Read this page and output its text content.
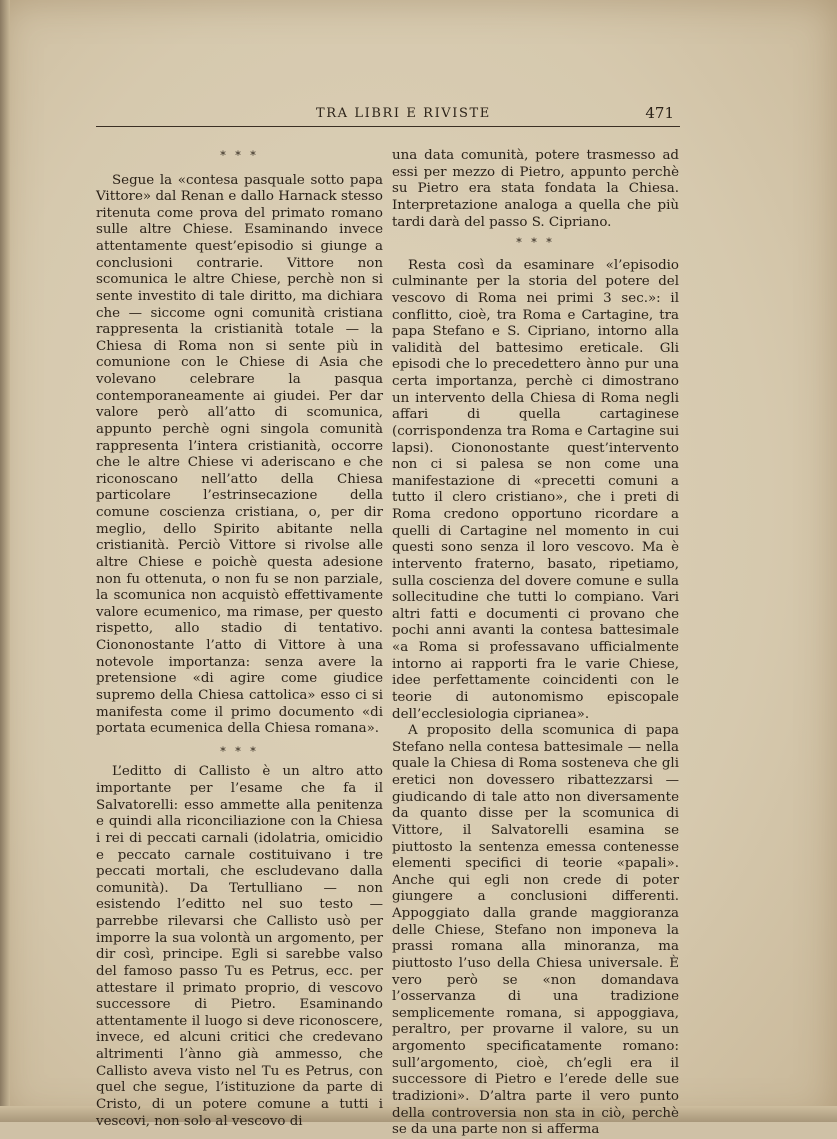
TRA LIBRI E RIVISTE	471
* * *

Segue la «contesa pasquale sotto papa Vittore» dal Renan e dallo Harnack stesso ritenuta come prova del primato romano sulle altre Chiese. Esaminando invece attentamente quest’episodio si giunge a conclusioni contrarie. Vittore non scomunica le altre Chiese, perchè non si sente investito di tale diritto, ma dichiara che — siccome ogni comunità cristiana rappresenta la cristianità totale — la Chiesa di Roma non si sente più in comunione con le Chiese di Asia che volevano celebrare la pasqua contemporaneamente ai giudei. Per dar valore però all’atto di scomunica, appunto perchè ogni singola comunità rappresenta l’intera cristianità, occorre che le altre Chiese vi aderiscano e che riconoscano nell’atto della Chiesa particolare l’estrinsecazione della comune coscienza cristiana, o, per dir meglio, dello Spirito abitante nella cristianità. Perciò Vittore si rivolse alle altre Chiese e poichè questa adesione non fu ottenuta, o non fu se non parziale, la scomunica non acquistò effettivamente valore ecumenico, ma rimase, per questo rispetto, allo stadio di tentativo. Ciononostante l’atto di Vittore à una notevole importanza: senza avere la pretensione «di agire come giudice supremo della Chiesa cattolica» esso ci si manifesta come il primo documento «di portata ecumenica della Chiesa romana».

* * *

L’editto di Callisto è un altro atto importante per l’esame che fa il Salvatorelli: esso ammette alla penitenza e quindi alla riconciliazione con la Chiesa i rei di peccati carnali (idolatria, omicidio e peccato carnale costituivano i tre peccati mortali, che escludevano dalla comunità). Da Tertulliano — non esistendo l’editto nel suo testo — parrebbe rilevarsi che Callisto usò per imporre la sua volontà un argomento, per dir così, principe. Egli si sarebbe valso del famoso passo Tu es Petrus, ecc. per attestare il primato proprio, di vescovo successore di Pietro. Esaminando attentamente il luogo si deve riconoscere, invece, ed alcuni critici che credevano altrimenti l’ànno già ammesso, che Callisto aveva visto nel Tu es Petrus, con quel che segue, l’istituzione da parte di Cristo, di un potere comune a tutti i vescovi, non solo al vescovo di

una data comunità, potere trasmesso ad essi per mezzo di Pietro, appunto perchè su Pietro era stata fondata la Chiesa. Interpretazione analoga a quella che più tardi darà del passo S. Cipriano.

* * *

Resta così da esaminare «l’episodio culminante per la storia del potere del vescovo di Roma nei primi 3 sec.»: il conflitto, cioè, tra Roma e Cartagine, tra papa Stefano e S. Cipriano, intorno alla validità del battesimo ereticale. Gli episodi che lo precedettero ànno pur una certa importanza, perchè ci dimostrano un intervento della Chiesa di Roma negli affari di quella cartaginese (corrispondenza tra Roma e Cartagine sui lapsi). Ciononostante quest’intervento non ci si palesa se non come una manifestazione di «precetti comuni a tutto il clero cristiano», che i preti di Roma credono opportuno ricordare a quelli di Cartagine nel momento in cui questi sono senza il loro vescovo. Ma è intervento fraterno, basato, ripetiamo, sulla coscienza del dovere comune e sulla sollecitudine che tutti lo compiano. Vari altri fatti e documenti ci provano che pochi anni avanti la contesa battesimale «a Roma si professavano ufficialmente intorno ai rapporti fra le varie Chiese, idee perfettamente coincidenti con le teorie di autonomismo episcopale dell’ecclesiologia ciprianea».

A proposito della scomunica di papa Stefano nella contesa battesimale — nella quale la Chiesa di Roma sosteneva che gli eretici non dovessero ribattezzarsi — giudicando di tale atto non diversamente da quanto disse per la scomunica di Vittore, il Salvatorelli esamina se piuttosto la sentenza emessa contenesse elementi specifici di teorie «papali». Anche qui egli non crede di poter giungere a conclusioni differenti. Appoggiato dalla grande maggioranza delle Chiese, Stefano non imponeva la prassi romana alla minoranza, ma piuttosto l’uso della Chiesa universale. È vero però se «non domandava l’osservanza di una tradizione semplicemente romana, si appoggiava, peraltro, per provarne il valore, su un argomento specificatamente romano: sull’argomento, cioè, ch’egli era il successore di Pietro e l’erede delle sue tradizioni». D’altra parte il vero punto della controversia non sta in ciò, perchè se da una parte non si afferma
